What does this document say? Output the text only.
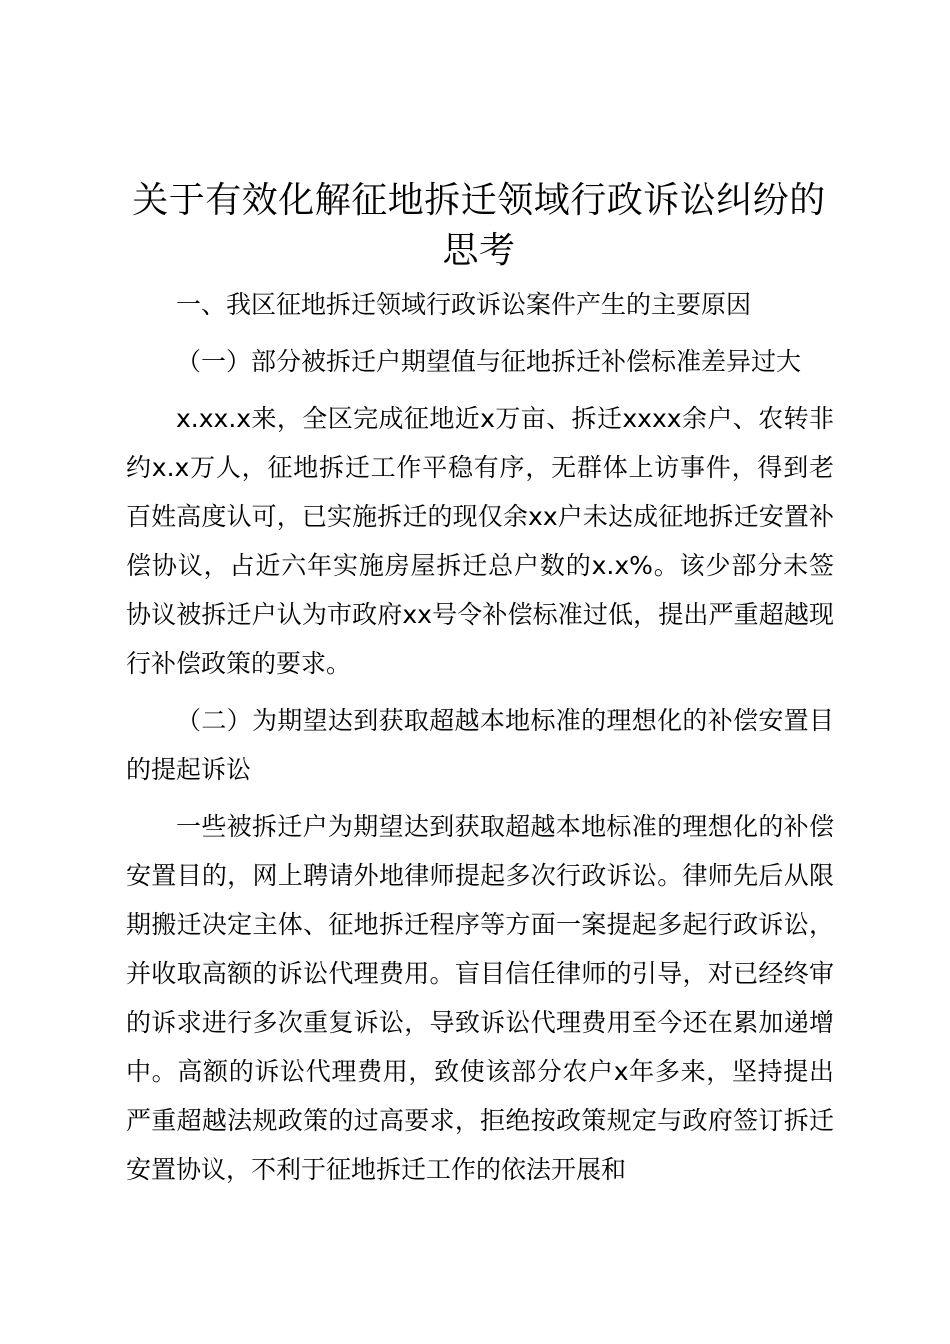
关于有效化解征地拆迁领域行政诉讼纠纷的思考

一、我区征地拆迁领域行政诉讼案件产生的主要原因

（一）部分被拆迁户期望值与征地拆迁补偿标准差异过大

x.xx.x来，全区完成征地近x万亩、拆迁xxxx余户、农转非约x.x万人，征地拆迁工作平稳有序，无群体上访事件，得到老百姓高度认可，已实施拆迁的现仅余xx户未达成征地拆迁安置补偿协议，占近六年实施房屋拆迁总户数的x.x%。该少部分未签协议被拆迁户认为市政府xx号令补偿标准过低，提出严重超越现行补偿政策的要求。

（二）为期望达到获取超越本地标准的理想化的补偿安置目的提起诉讼

一些被拆迁户为期望达到获取超越本地标准的理想化的补偿安置目的，网上聘请外地律师提起多次行政诉讼。律师先后从限期搬迁决定主体、征地拆迁程序等方面一案提起多起行政诉讼，并收取高额的诉讼代理费用。盲目信任律师的引导，对已经终审的诉求进行多次重复诉讼，导致诉讼代理费用至今还在累加递增中。高额的诉讼代理费用，致使该部分农户x年多来，坚持提出严重超越法规政策的过高要求，拒绝按政策规定与政府签订拆迁安置协议，不利于征地拆迁工作的依法开展和
